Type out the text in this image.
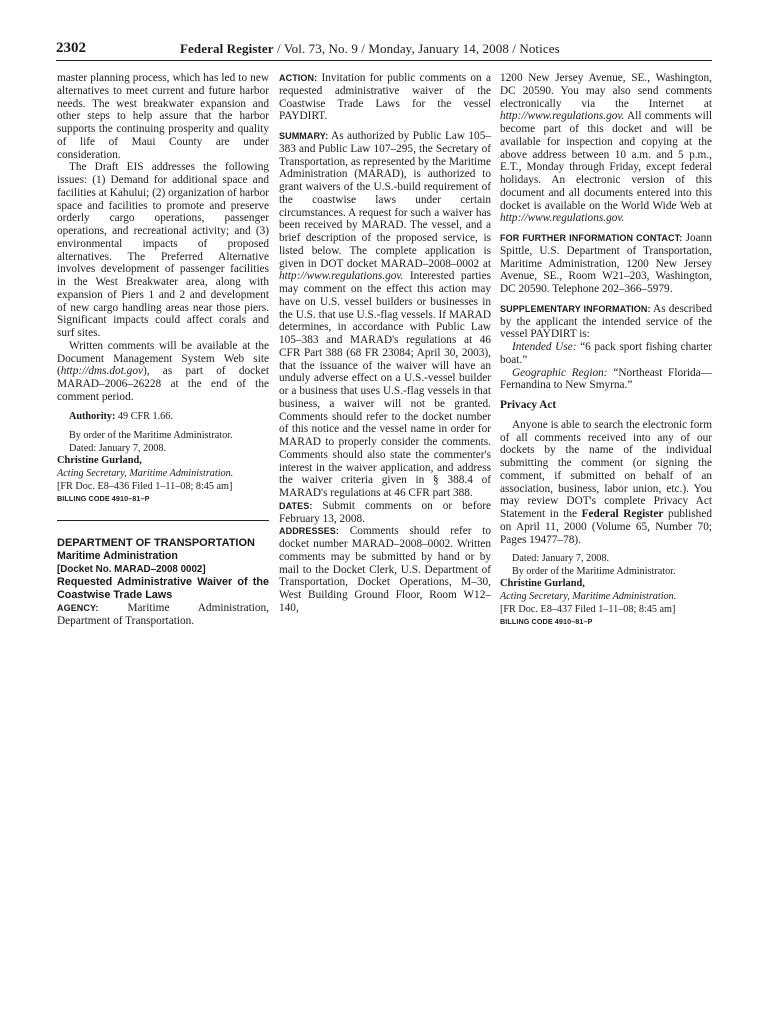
2302	Federal Register / Vol. 73, No. 9 / Monday, January 14, 2008 / Notices

master planning process, which has led to new alternatives to meet current and future harbor needs. The west breakwater expansion and other steps to help assure that the harbor supports the continuing prosperity and quality of life of Maui County are under consideration.

The Draft EIS addresses the following issues: (1) Demand for additional space and facilities at Kahului; (2) organization of harbor space and facilities to promote and preserve orderly cargo operations, passenger operations, and recreational activity; and (3) environmental impacts of proposed alternatives. The Preferred Alternative involves development of passenger facilities in the West Breakwater area, along with expansion of Piers 1 and 2 and development of new cargo handling areas near those piers. Significant impacts could affect corals and surf sites.

Written comments will be available at the Document Management System Web site (http://dms.dot.gov), as part of docket MARAD–2006–26228 at the end of the comment period.

Authority: 49 CFR 1.66.

By order of the Maritime Administrator.

Dated: January 7, 2008.

Christine Gurland,

Acting Secretary, Maritime Administration.

[FR Doc. E8–436 Filed 1–11–08; 8:45 am]

BILLING CODE 4910–81–P

DEPARTMENT OF TRANSPORTATION

Maritime Administration

[Docket No. MARAD–2008 0002]

Requested Administrative Waiver of the Coastwise Trade Laws

AGENCY: Maritime Administration, Department of Transportation.

ACTION: Invitation for public comments on a requested administrative waiver of the Coastwise Trade Laws for the vessel PAYDIRT.

SUMMARY: As authorized by Public Law 105–383 and Public Law 107–295, the Secretary of Transportation, as represented by the Maritime Administration (MARAD), is authorized to grant waivers of the U.S.-build requirement of the coastwise laws under certain circumstances. A request for such a waiver has been received by MARAD. The vessel, and a brief description of the proposed service, is listed below. The complete application is given in DOT docket MARAD–2008–0002 at http://www.regulations.gov. Interested parties may comment on the effect this action may have on U.S. vessel builders or businesses in the U.S. that use U.S.-flag vessels. If MARAD determines, in accordance with Public Law 105–383 and MARAD's regulations at 46 CFR Part 388 (68 FR 23084; April 30, 2003), that the issuance of the waiver will have an unduly adverse effect on a U.S.-vessel builder or a business that uses U.S.-flag vessels in that business, a waiver will not be granted. Comments should refer to the docket number of this notice and the vessel name in order for MARAD to properly consider the comments. Comments should also state the commenter's interest in the waiver application, and address the waiver criteria given in § 388.4 of MARAD's regulations at 46 CFR part 388.

DATES: Submit comments on or before February 13, 2008.

ADDRESSES: Comments should refer to docket number MARAD–2008–0002. Written comments may be submitted by hand or by mail to the Docket Clerk, U.S. Department of Transportation, Docket Operations, M–30, West Building Ground Floor, Room W12–140,

1200 New Jersey Avenue, SE., Washington, DC 20590. You may also send comments electronically via the Internet at http://www.regulations.gov. All comments will become part of this docket and will be available for inspection and copying at the above address between 10 a.m. and 5 p.m., E.T., Monday through Friday, except federal holidays. An electronic version of this document and all documents entered into this docket is available on the World Wide Web at http://www.regulations.gov.

FOR FURTHER INFORMATION CONTACT: Joann Spittle, U.S. Department of Transportation, Maritime Administration, 1200 New Jersey Avenue, SE., Room W21–203, Washington, DC 20590. Telephone 202–366–5979.

SUPPLEMENTARY INFORMATION: As described by the applicant the intended service of the vessel PAYDIRT is:

Intended Use: “6 pack sport fishing charter boat.”

Geographic Region: “Northeast Florida—Fernandina to New Smyrna.”

Privacy Act

Anyone is able to search the electronic form of all comments received into any of our dockets by the name of the individual submitting the comment (or signing the comment, if submitted on behalf of an association, business, labor union, etc.). You may review DOT's complete Privacy Act Statement in the Federal Register published on April 11, 2000 (Volume 65, Number 70; Pages 19477–78).

Dated: January 7, 2008.

By order of the Maritime Administrator.

Christine Gurland,

Acting Secretary, Maritime Administration.

[FR Doc. E8–437 Filed 1–11–08; 8:45 am]

BILLING CODE 4910–81–P
